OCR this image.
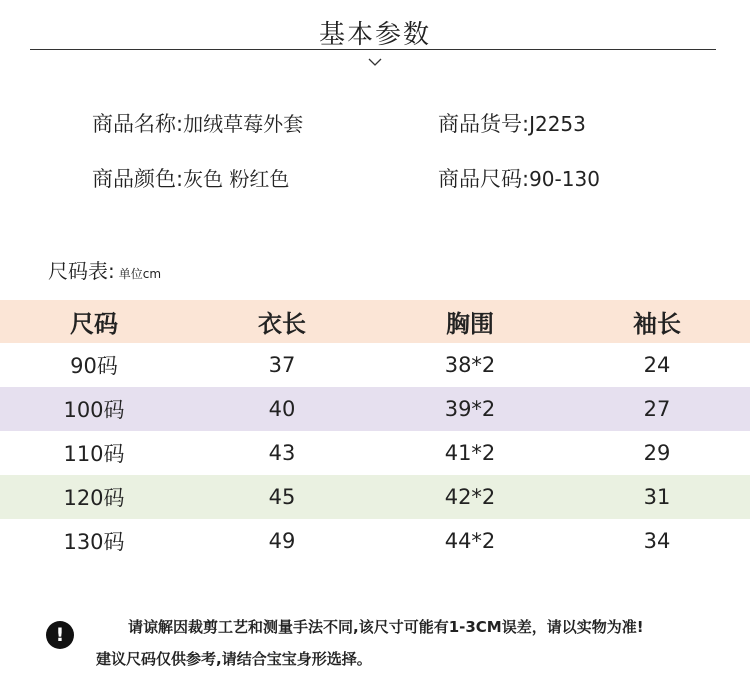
基本参数
商品名称:加绒草莓外套	商品货号:J2253
商品颜色:灰色 粉红色	商品尺码:90-130
尺码表: 单位cm
尺码	衣长	胸围	袖长
90码	37	38*2	24
100码	40	39*2	27
110码	43	41*2	29
120码	45	42*2	31
130码	49	44*2	34
!	请谅解因裁剪工艺和测量手法不同,该尺寸可能有1-3CM误差，请以实物为准!
建议尺码仅供参考,请结合宝宝身形选择。
